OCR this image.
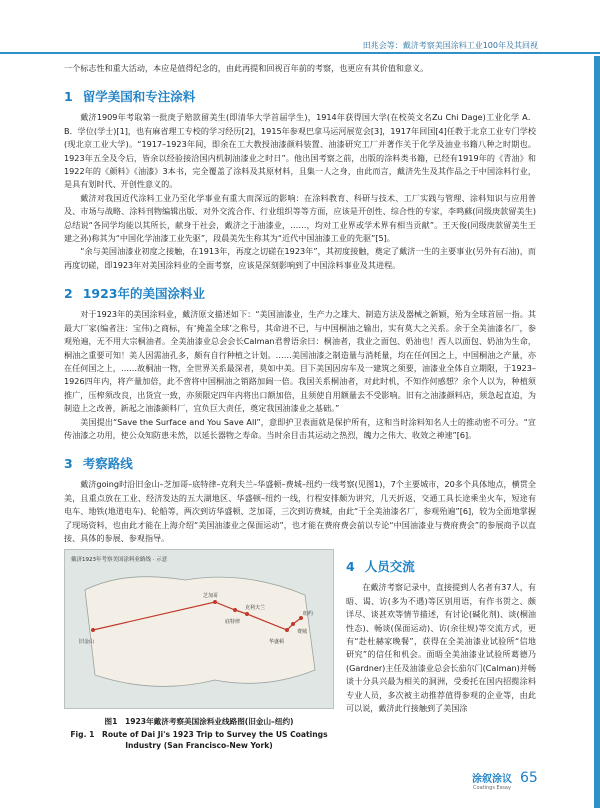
田兆会等：戴济考察美国涂料工业100年及其回视

一个标志性和重大活动，本应是值得纪念的，由此再提和回视百年前的考察，也更应有其价值和意义。

1 留学美国和专注涂料

戴济1909年考取第一批庚子赔款留美生(即清华大学首届学生)，1914年获得国大学(在校英文名Zu Chi Dage)工业化学 A．B．学位(学士)[1]，也有麻省理工专校的学习经历[2]，1915年参观巴拿马运河展览会[3]，1917年回国[4]任教于北京工业专门学校(现北京工业大学)。“1917–1923年间，即余在工大教授油漆颜料装置、油漆研究工厂并著作关于化学及油业书籍八种之时期也。1923年五全及令后，皆余以经验接洽国内机制油漆业之时日”。他出国考察之前，出版的涂料类书籍，已经有1919年的《青油》和1922年的《颜料》《油漆》3本书，完全覆盖了涂料及其原材料，且集一人之身，由此而言，戴济先生及其作品之于中国涂料行业，是具有划时代、开创性意义的。

戴济对我国近代涂料工业乃至化学事业有重大而深远的影响：在涂料教育、科研与技术、工厂实践与管理、涂料知识与应用普及、市场与战略、涂料刊物编辑出版、对外交流合作、行业组织等等方面，应该是开创性、综合性的专家，李鸣蘇(同级庚款留美生)总结说“各同学均能以其所长，献身于社会，戴济之于油漆业，……，均对工业界或学术界有相当贡献”。王天俊(同级庚款留美生王建之孙)称其为“中国化学油漆工业先驱”，段晨美先生称其为“近代中国油漆工业的先驱”[5]。

“余与美国油漆业初度之接触，在1913年，再度之切磋在1923年”，其初度接触，奠定了戴济一生的主要事业(另外有石油)，而再度切磋，即1923年对美国涂料业的全面考察，应该是深刻影响到了中国涂料事业及其进程。

2 1923年的美国涂料业

对于1923年的美国涂料业，戴济原文描述如下：“美国油漆业，生产力之雄大、制造方法及器械之新颖，殆为全球首屈一指。其最大厂家(编者注：宝伟)之商标，有‘掩盖全球’之称号，其命进不已，与中国桐油之输出，实有莫大之关系。余于全美油漆名厂，参观殆遍，无不用大宗桐油者。全美油漆业总会会长Calman君曾语余曰：桐油者，我业之面包、奶油也！西人以面包、奶油为生命，桐油之重要可知！美人因需油孔多，颇有自行种植之计划。……美国油漆之制造量与消耗量，均在任何国之上，中国桐油之产量，亦在任何国之上，……故桐油一物，全世界关系最深者，莫如中美。目下美国因房车及一建筑之须要，油漆业全体自立期限，于1923–1926四年内，将产量加倍，此不啻将中国桐油之销路加阔一倍。我国关系桐油者，对此时机，不知作何感想？余个人以为，种植须推广，压榨须改良，出货宜一致，亦须限定四年内将出口额加倍，且须使自用额量去不受影响。旧有之油漆颜料店，须急起直追，为制造上之改善，新起之油漆颜料厂，宜负巨大责任，奠定我国油漆业之基础。”

美国提出“Save the Surface and You Save All”，意即护卫表面就是保护所有，这和当时涂料知名人士的推动密不可分。“宣传油漆之功用，使公众知防患未然，以延长器物之寿命。当时余目击其运动之热烈，魄力之伟大、收效之神速”[6]。

3 考察路线

戴济going时沿旧金山–芝加哥–底特律–克利夫兰–华盛顿–费城–纽约一线考察(见图1)，7个主要城市，20多个具体地点，横贯全美，且重点放在工业、经济发达的五大湖地区、华盛顿–纽约一线，行程安排颇为讲究，几天折返，交通工具长途乘坐火车，短途有电车、地铁(地道电车)、轮船等，两次到访华盛顿、芝加哥，三次到访费城，由此“于全美油漆名厂，参观殆遍”[6]，较为全面地掌握了现场资料，也由此才能在上海介绍“美国油漆业之保面运动”，也才能在费府费会前以专论“中国油漆业与费府费会”的参展商予以直接、具体的参展、参观指导。

戴济1923年考察美国涂料业路线 · 示意
旧金山
芝加哥
底特律
克利夫兰
华盛顿
费城
纽约
图1　1923年戴济考察美国涂料业线路图(旧金山–纽约)
Fig. 1　Route of Dai Ji's 1923 Trip to Survey the US Coatings
Industry (San Francisco-New York)
4 人员交流

在戴济考察记录中，直接提到人名者有37人，有晤、谒、访(多为不遇)等区别用语，有作书贺之、颇详尽、谈甚欢等情节描述，有讨论(碱化剂)、谈(桐油性态)、畅谈(保面运动)、访(余往规)等交流方式，更有“赴杜赫家晚餐”，获得在全美油漆业试验所“信地研究”的信任和机会。面晤全美油漆业试验所葛德乃(Gardner)主任及油漆业总会长茄尔门(Calman)并畅谈十分具兴最为相关的洞洲，受委托在国内招揽涂料专业人员，多次被主动推荐值得参观的企业等，由此可以说，戴济此行接触到了美国涂

涂叙涂议
Coatings Essay
65
